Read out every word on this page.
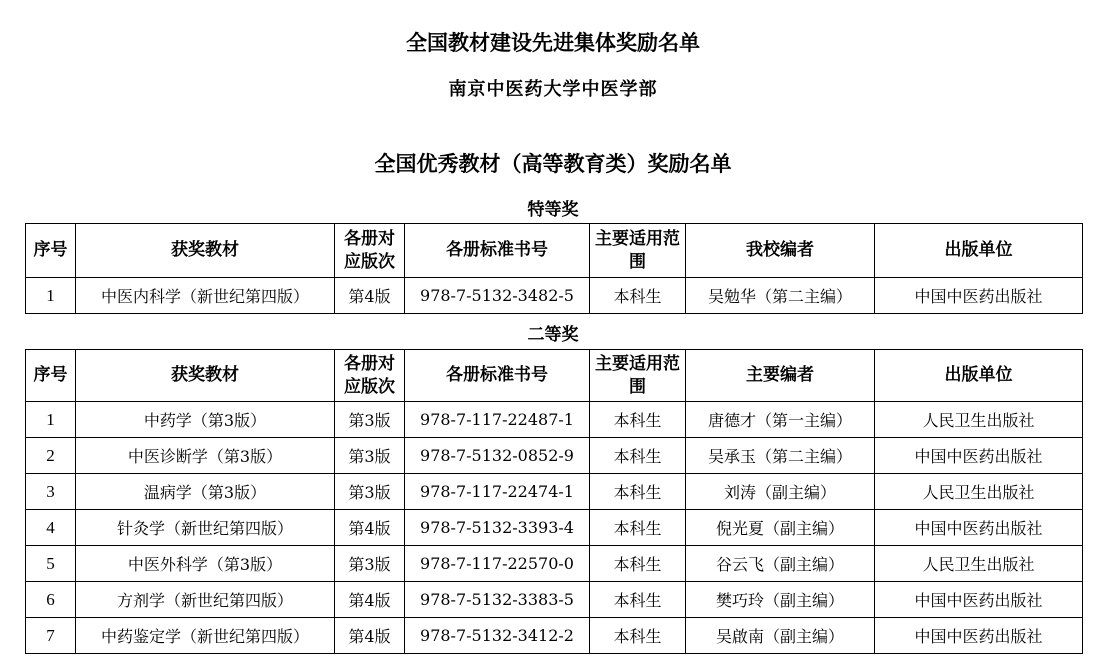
全国教材建设先进集体奖励名单
南京中医药大学中医学部
全国优秀教材（高等教育类）奖励名单
特等奖
序号	获奖教材	各册对应版次	各册标准书号	主要适用范围	我校编者	出版单位
1	中医内科学（新世纪第四版）	第4版	978-7-5132-3482-5	本科生	吴勉华（第二主编）	中国中医药出版社
二等奖
序号	获奖教材	各册对应版次	各册标准书号	主要适用范围	主要编者	出版单位
1	中药学（第3版）	第3版	978-7-117-22487-1	本科生	唐德才（第一主编）	人民卫生出版社
2	中医诊断学（第3版）	第3版	978-7-5132-0852-9	本科生	吴承玉（第二主编）	中国中医药出版社
3	温病学（第3版）	第3版	978-7-117-22474-1	本科生	刘涛（副主编）	人民卫生出版社
4	针灸学（新世纪第四版）	第4版	978-7-5132-3393-4	本科生	倪光夏（副主编）	中国中医药出版社
5	中医外科学（第3版）	第3版	978-7-117-22570-0	本科生	谷云飞（副主编）	人民卫生出版社
6	方剂学（新世纪第四版）	第4版	978-7-5132-3383-5	本科生	樊巧玲（副主编）	中国中医药出版社
7	中药鉴定学（新世纪第四版）	第4版	978-7-5132-3412-2	本科生	吴啟南（副主编）	中国中医药出版社
